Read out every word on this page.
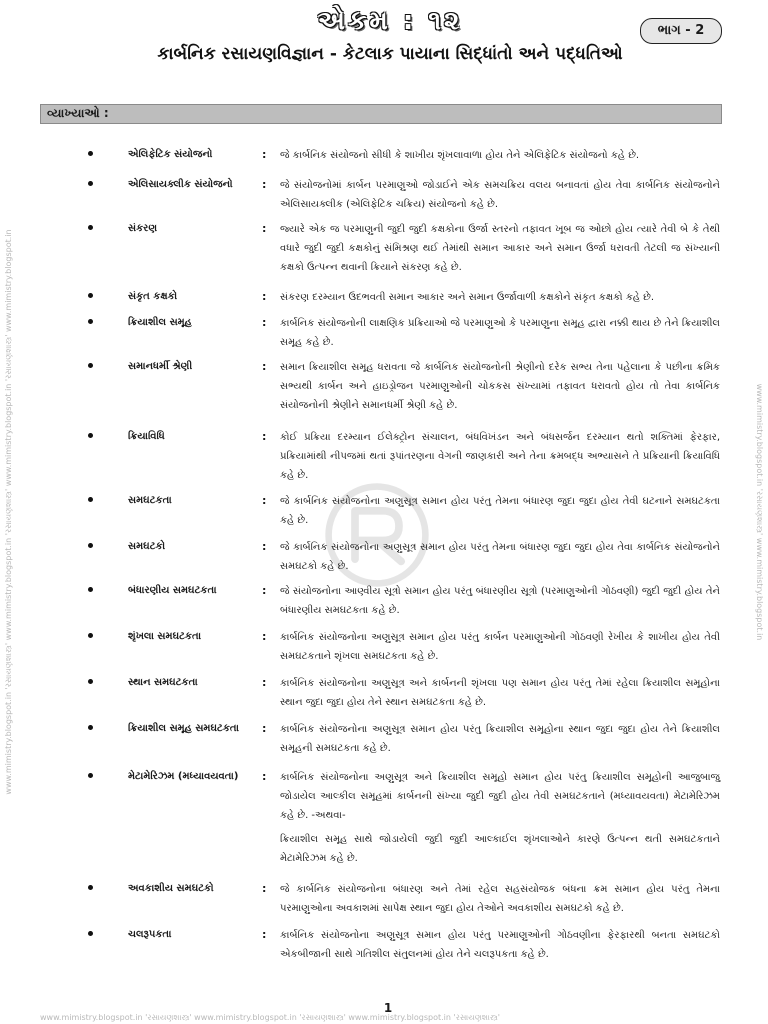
www.mimistry.blogspot.in 'રસાયણશાસ્ત્ર' www.mimistry.blogspot.in 'રસાયણશાસ્ત્ર' www.mimistry.blogspot.in 'રસાયણશાસ્ત્ર' www.mimistry.blogspot.in	www.mimistry.blogspot.in 'રસાયણશાસ્ત્ર' www.mimistry.blogspot.in
એકમ : ૧૨	ભાગ - 2
કાર્બનિક રસાયણવિજ્ઞાન - કેટલાક પાયાના સિદ્ધાંતો અને પદ્ધતિઓ
વ્યાખ્યાઓ :
એલિફેટિક સંયોજનો	: જે કાર્બનિક સંયોજનો સીધી કે શાખીય શૃંખલાવાળા હોય તેને એલિફેટિક સંયોજનો કહે છે.
એલિસાયક્લીક સંયોજનો	: જે સંયોજનોમાં કાર્બન પરમાણુઓ જોડાઈને એક સમચક્રિય વલય બનાવતાં હોય તેવા કાર્બનિક સંયોજનોને એલિસાયક્લીક (એલિફેટિક ચક્રિય) સંયોજનો કહે છે.
સંકરણ	: જ્યારે એક જ પરમાણુની જુદી જુદી કક્ષકોના ઉર્જા સ્તરનો તફાવત ખૂબ જ ઓછો હોય ત્યારે તેવી બે કે તેથી વધારે જુદી જુદી કક્ષકોનું સંમિશ્રણ થઈ તેમાંથી સમાન આકાર અને સમાન ઉર્જા ધરાવતી તેટલી જ સંખ્યાની કક્ષકો ઉત્પન્ન થવાની ક્રિયાને સંકરણ કહે છે.
સંકૃત કક્ષકો	: સંકરણ દરમ્યાન ઉદભવતી સમાન આકાર અને સમાન ઉર્જાવાળી કક્ષકોને સંકૃત કક્ષકો કહે છે.
ક્રિયાશીલ સમૂહ	: કાર્બનિક સંયોજનોની લાક્ષણિક પ્રક્રિયાઓ જે પરમાણુઓ કે પરમાણુના સમૂહ દ્વારા નક્કી થાય છે તેને ક્રિયાશીલ સમૂહ કહે છે.
સમાનધર્મી શ્રેણી	: સમાન ક્રિયાશીલ સમૂહ ધરાવતા જે કાર્બનિક સંયોજનોની શ્રેણીનો દરેક સભ્ય તેના પહેલાના કે પછીના ક્રમિક સભ્યથી કાર્બન અને હાઇડ્રોજન પરમાણુઓની ચોકકસ સંખ્યામાં તફાવત ધરાવતો હોય તો તેવા કાર્બનિક સંયોજનોની શ્રેણીને સમાનધર્મી શ્રેણી કહે છે.
ક્રિયાવિધિ	: કોઈ પ્રક્રિયા દરમ્યાન ઈલેક્ટ્રોન સંચાલન, બંધવિખંડન અને બંધસર્જન દરમ્યાન થતો શક્તિમાં ફેરફાર, પ્રક્રિયામાંથી નીપજમાં થતાં રૂપાંતરણના વેગની જાણકારી અને તેના ક્રમબદ્ધ અભ્યાસને તે પ્રક્રિયાની ક્રિયાવિધિ કહે છે.
સમઘટકતા	: જે કાર્બનિક સંયોજનોના અણુસૂત્ર સમાન હોય પરંતુ તેમના બંધારણ જુદા જુદા હોય તેવી ઘટનાને સમઘટકતા કહે છે.
સમઘટકો	: જે કાર્બનિક સંયોજનોના અણુસૂત્ર સમાન હોય પરંતુ તેમના બંધારણ જુદા જુદા હોય તેવા કાર્બનિક સંયોજનોને સમઘટકો કહે છે.
બંધારણીય સમઘટકતા	: જે સંયોજનોના આણ્વીય સૂત્રો સમાન હોય પરંતુ બંધારણીય સૂત્રો (પરમાણુઓની ગોઠવણી) જુદી જુદી હોય તેને બંધારણીય સમઘટકતા કહે છે.
શૃંખલા સમઘટકતા	: કાર્બનિક સંયોજનોના અણુસૂત્ર સમાન હોય પરંતુ કાર્બન પરમાણુઓની ગોઠવણી રેખીય કે શાખીય હોય તેવી સમઘટકતાને શૃંખલા સમઘટકતા કહે છે.
સ્થાન સમઘટકતા	: કાર્બનિક સંયોજનોના અણુસૂત્ર અને કાર્બનની શૃંખલા પણ સમાન હોય પરંતુ તેમાં રહેલા ક્રિયાશીલ સમૂહોના સ્થાન જુદા જુદા હોય તેને સ્થાન સમઘટકતા કહે છે.
ક્રિયાશીલ સમૂહ સમઘટકતા	: કાર્બનિક સંયોજનોના અણુસૂત્ર સમાન હોય પરંતુ ક્રિયાશીલ સમૂહોના સ્થાન જુદા જુદા હોય તેને ક્રિયાશીલ સમૂહની સમઘટકતા કહે છે.
મેટામેરિઝમ (મધ્યાવયવતા)	: કાર્બનિક સંયોજનોના અણુસૂત્ર અને ક્રિયાશીલ સમૂહો સમાન હોય પરંતુ ક્રિયાશીલ સમૂહોની આજુબાજુ જોડાયેલ આલ્કીલ સમૂહમાં કાર્બનની સંખ્યા જુદી જુદી હોય તેવી સમઘટકતાને (મધ્યાવયવતા) મેટામેરિઝમ કહે છે. -અથવા-
ક્રિયાશીલ સમૂહ સાથે જોડાયેલી જુદી જુદી આલ્કાઈલ શૃંખલાઓને કારણે ઉત્પન્ન થતી સમઘટકતાને મેટામેરિઝમ કહે છે.
અવકાશીય સમઘટકો	: જે કાર્બનિક સંયોજનોના બંધારણ અને તેમાં રહેલ સહસંયોજક બંધના ક્રમ સમાન હોય પરંતુ તેમના પરમાણુઓના અવકાશમાં સાપેક્ષ સ્થાન જુદા હોય તેઓને અવકાશીય સમઘટકો કહે છે.
ચલરૂપકતા	: કાર્બનિક સંયોજનોના અણુસૂત્ર સમાન હોય પરંતુ પરમાણુઓની ગોઠવણીના ફેરફારથી બનતા સમઘટકો એકબીજાની સાથે ગતિશીલ સંતુલનમાં હોય તેને ચલરૂપકતા કહે છે.
1
www.mimistry.blogspot.in 'રસાયણશાસ્ત્ર' www.mimistry.blogspot.in 'રસાયણશાસ્ત્ર' www.mimistry.blogspot.in 'રસાયણશાસ્ત્ર'
